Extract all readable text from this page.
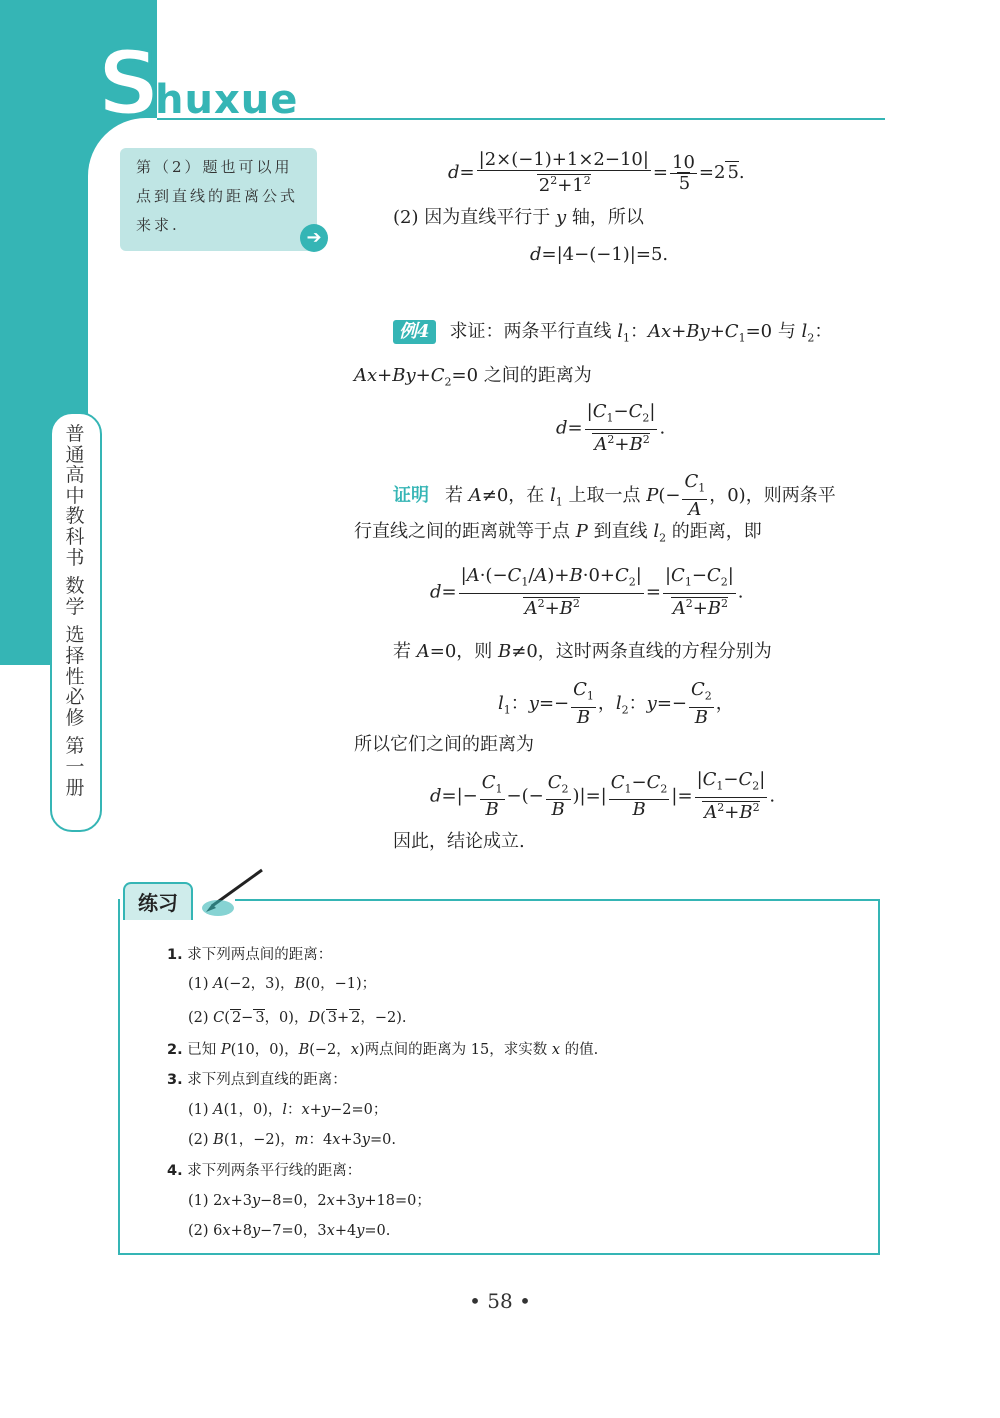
S
huxue
普
通
高
中
教
科
书
数
学
选
择
性
必
修
第
一
册
第（2）题也可以用点到直线的距离公式来求.
➔
$d= \frac{|2\times(-1)+1\times 2-10|}{2^2+1^2} = \frac{10}{5} =2$ 5.
(2) 因为直线平行于 y 轴，所以
d=|4−(−1)|=5.
例4 求证：两条平行直线 $l_1$：$Ax+By+C_1=0$ 与 $l_2$：
$Ax+By+C_2=0$ 之间的距离为
$d= \frac{|C_1-C_2|}{A^2+B^2}$ .
证明 若 A≠0，在 $l_1$ 上取一点 $P(- \frac{C_1}{A}$ ，0)，则两条平
行直线之间的距离就等于点 P 到直线 $l_2$ 的距离，即
$d= \frac{|A\cdot(-C_1/A)+B\cdot 0+C_2|}{A^2+B^2} = \frac{|C_1-C_2|}{A^2+B^2}$ .
若 A=0，则 B≠0，这时两条直线的方程分别为
$l_1$：$y=- \frac{C_1}{B}$ ，$l_2$：$y=- \frac{C_2}{B}$ ，
所以它们之间的距离为
$d=|- \frac{C_1}{B}$ −(− $\frac{C_2}{B}$ )|=| $\frac{C_1-C_2}{B}$ |= $\frac{|C_1-C_2|}{A^2+B^2}$ .
因此，结论成立.
练习
1. 求下列两点间的距离：
(1) A(−2，3)，B(0，−1)；
(2) C( 2− 3，0)，D( 3+ 2，−2).
2. 已知 P(10，0)，B(−2，x)两点间的距离为 15，求实数 x 的值.
3. 求下列点到直线的距离：
(1) A(1，0)，l：x+y−2=0；
(2) B(1，−2)，m：4x+3y=0.
4. 求下列两条平行线的距离：
(1) 2x+3y−8=0，2x+3y+18=0；
(2) 6x+8y−7=0，3x+4y=0.
• 58 •
